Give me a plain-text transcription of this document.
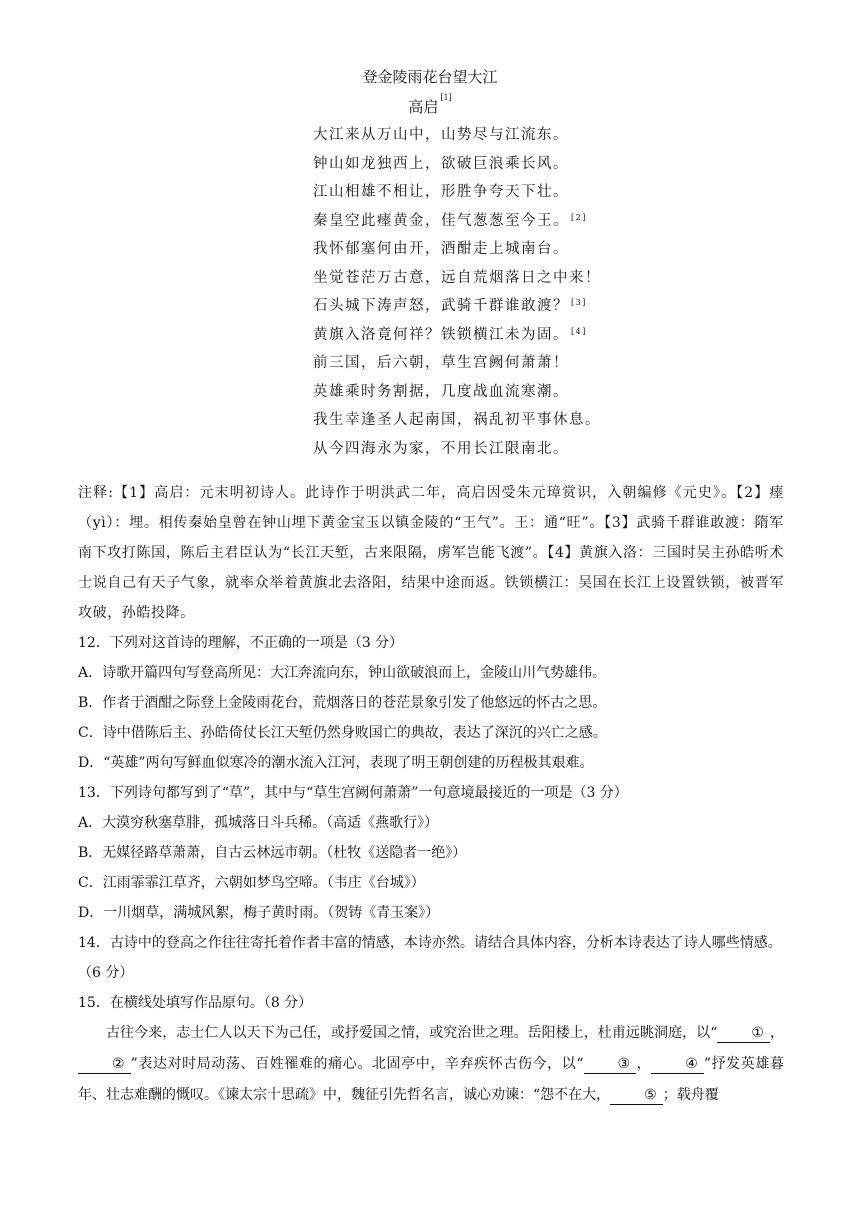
登金陵雨花台望大江
高启[1]
大江来从万山中，山势尽与江流东。
钟山如龙独西上，欲破巨浪乘长风。
江山相雄不相让，形胜争夸天下壮。
秦皇空此瘗黄金，佳气葱葱至今王。 [2]
我怀郁塞何由开，酒酣走上城南台。
坐觉苍茫万古意，远自荒烟落日之中来！
石头城下涛声怒，武骑千群谁敢渡？ [3]
黄旗入洛竟何祥？铁锁横江未为固。 [4]
前三国，后六朝，草生宫阙何萧萧！
英雄乘时务割据，几度战血流寒潮。
我生幸逢圣人起南国，祸乱初平事休息。
从今四海永为家，不用长江限南北。

注释:【1】高启：元末明初诗人。此诗作于明洪武二年，高启因受朱元璋赏识，入朝编修《元史》。【2】瘗（yì）：埋。相传秦始皇曾在钟山埋下黄金宝玉以镇金陵的“王气”。王：通“旺”。【3】武骑千群谁敢渡：隋军南下攻打陈国，陈后主君臣认为“长江天堑，古来限隔，虏军岂能飞渡”。【4】黄旗入洛：三国时吴主孙皓听术士说自己有天子气象，就率众举着黄旗北去洛阳，结果中途而返。铁锁横江：吴国在长江上设置铁锁，被晋军攻破，孙皓投降。

12．下列对这首诗的理解，不正确的一项是（3 分）

A．诗歌开篇四句写登高所见：大江奔流向东，钟山欲破浪而上，金陵山川气势雄伟。

B．作者于酒酣之际登上金陵雨花台，荒烟落日的苍茫景象引发了他悠远的怀古之思。

C．诗中借陈后主、孙皓倚仗长江天堑仍然身败国亡的典故，表达了深沉的兴亡之感。

D．“英雄”两句写鲜血似寒冷的潮水流入江河，表现了明王朝创建的历程极其艰难。

13．下列诗句都写到了“草”，其中与“草生宫阙何萧萧”一句意境最接近的一项是（3 分）

A．大漠穷秋塞草腓，孤城落日斗兵稀。（高适《燕歌行》）

B．无媒径路草萧萧，自古云林远市朝。（杜牧《送隐者一绝》）

C．江雨霏霏江草齐，六朝如梦鸟空啼。（韦庄《台城》）

D．一川烟草，满城风絮，梅子黄时雨。（贺铸《青玉案》）

14．古诗中的登高之作往往寄托着作者丰富的情感，本诗亦然。请结合具体内容，分析本诗表达了诗人哪些情感。（6 分）

15．在横线处填写作品原句。（8 分）

古往今来，志士仁人以天下为己任，或抒爱国之情，或究治世之理。岳阳楼上，杜甫远眺洞庭，以“ ① ，② ”表达对时局动荡、百姓罹难的痛心。北固亭中，辛弃疾怀古伤今，以“ ③ ， ④ ”抒发英雄暮年、壮志难酬的慨叹。《谏太宗十思疏》中，魏征引先哲名言，诚心劝谏：“怨不在大， ⑤ ；载舟覆
